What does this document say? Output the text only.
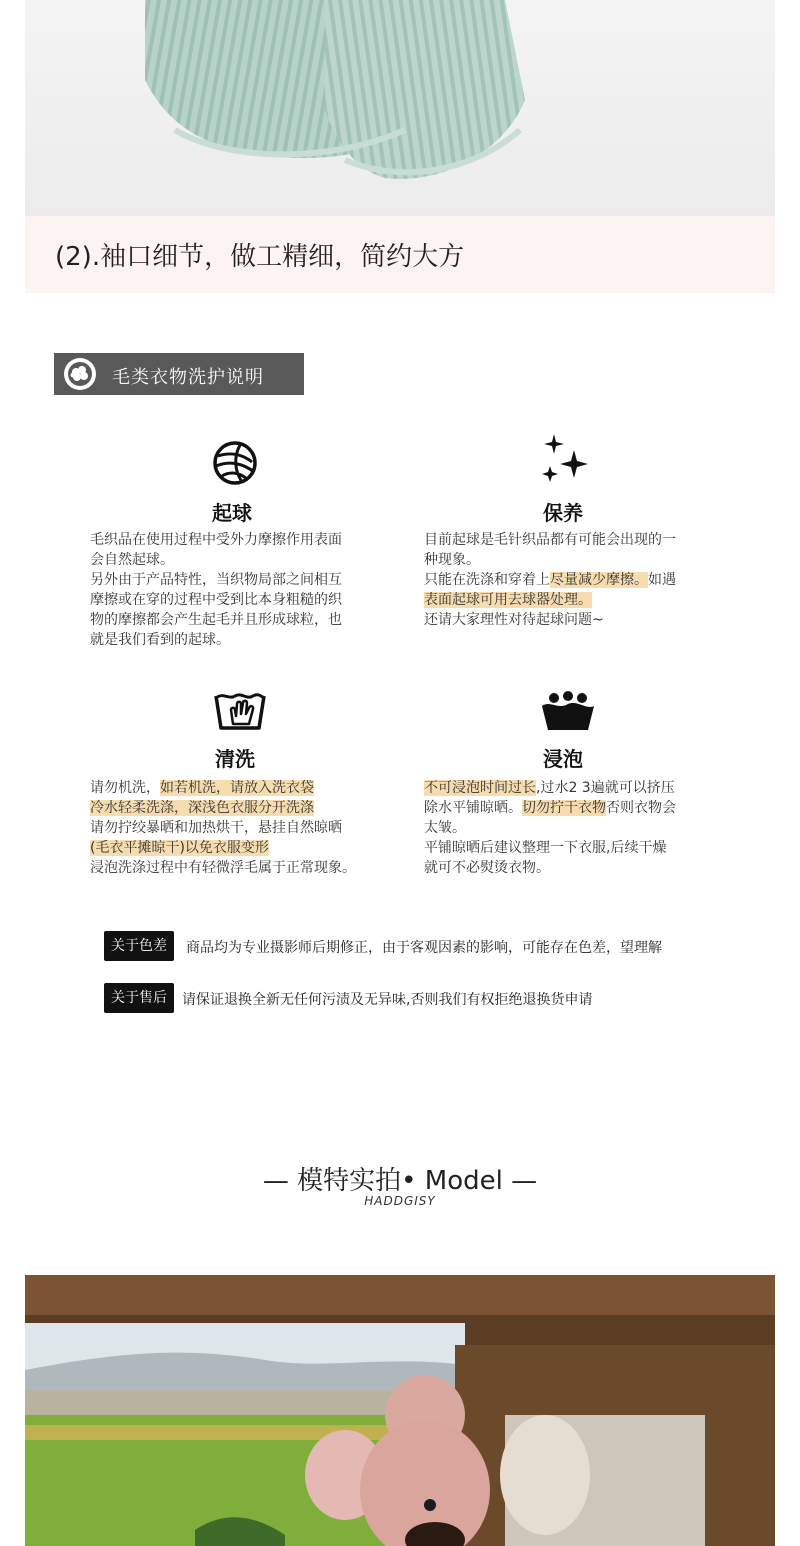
(2).袖口细节，做工精细，简约大方
毛类衣物洗护说明
起球
毛织品在使用过程中受外力摩擦作用表面
会自然起球。
另外由于产品特性，当织物局部之间相互
摩擦或在穿的过程中受到比本身粗糙的织
物的摩擦都会产生起毛并且形成球粒，也
就是我们看到的起球。
保养
目前起球是毛针织品都有可能会出现的一
种现象。
只能在洗涤和穿着上尽量减少摩擦。如遇
表面起球可用去球器处理。
还请大家理性对待起球问题~
清洗
请勿机洗，如若机洗，请放入洗衣袋
冷水轻柔洗涤，深浅色衣服分开洗涤
请勿拧绞暴晒和加热烘干，悬挂自然晾晒
(毛衣平摊晾干)以免衣服变形
浸泡洗涤过程中有轻微浮毛属于正常现象。
浸泡
不可浸泡时间过长,过水2 3遍就可以挤压
除水平铺晾晒。切勿拧干衣物否则衣物会
太皱。
平铺晾晒后建议整理一下衣服,后续干燥
就可不必熨烫衣物。
关于色差	商品均为专业摄影师后期修正，由于客观因素的影响，可能存在色差，望理解
关于售后	请保证退换全新无任何污渍及无异味,否则我们有权拒绝退换货申请
— 模特实拍• Model —
HADDGISY
